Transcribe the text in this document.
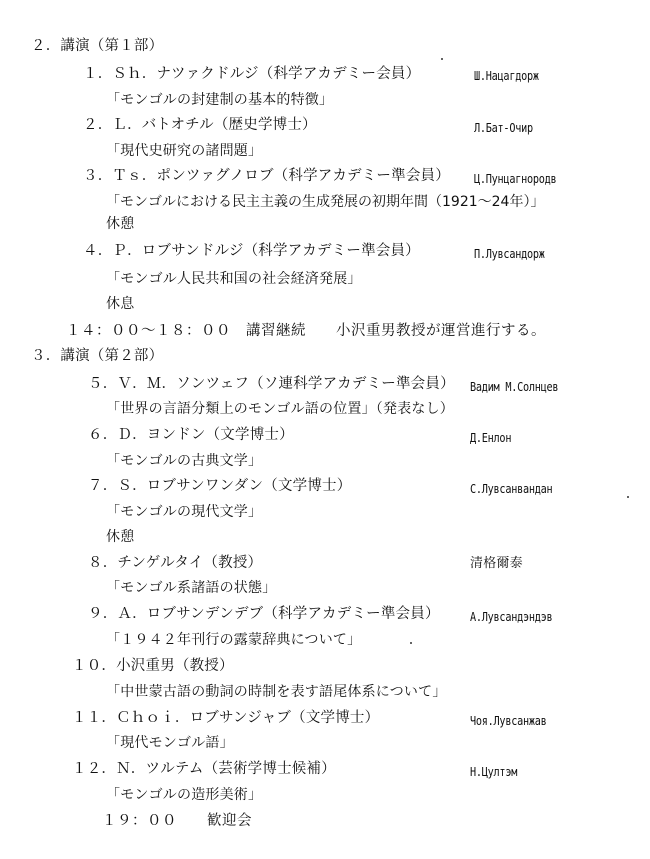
２．講演（第１部）
１．Ｓｈ．ナツァクドルジ（科学アカデミー会員）	Ш.Нацагдорж
「モンゴルの封建制の基本的特徴」
２．Ｌ．バトオチル（歴史学博士）	Л.Бат-Очир
「現代史研究の諸問題」
３．Ｔｓ．ポンツァグノロブ（科学アカデミー準会員） Ц.Пунцагнородв
「モンゴルにおける民主主義の生成発展の初期年間（1921～24年）」
休憩
４．Ｐ．ロブサンドルジ（科学アカデミー準会員）	П.Лувсандорж
「モンゴル人民共和国の社会経済発展」
休息
１４：００～１８：００　講習継続　　小沢重男教授が運営進行する。
３．講演（第２部）
５．Ｖ．Ｍ．ソンツェフ（ソ連科学アカデミー準会員） Вадим М.Солнцев
「世界の言語分類上のモンゴル語の位置」（発表なし）
６．Ｄ．ヨンドン（文学博士）	Д.Енлон
「モンゴルの古典文学」
７．Ｓ．ロブサンワンダン（文学博士）	С.Лувсанвандан
「モンゴルの現代文学」
休憩
８．チンゲルタイ（教授）	清格爾泰
「モンゴル系諸語の状態」
９．Ａ．ロブサンデンデブ（科学アカデミー準会員）	А.Лувсандэндэв
「１９４２年刊行の露蒙辞典について」
１０．小沢重男（教授）
「中世蒙古語の動詞の時制を表す語尾体系について」
１１．Ｃｈｏｉ．ロブサンジャブ（文学博士）	Чоя.Лувсанжав
「現代モンゴル語」
１２．Ｎ．ツルテム（芸術学博士候補）	Н.Цултэм
「モンゴルの造形美術」
１９：００　　歓迎会
